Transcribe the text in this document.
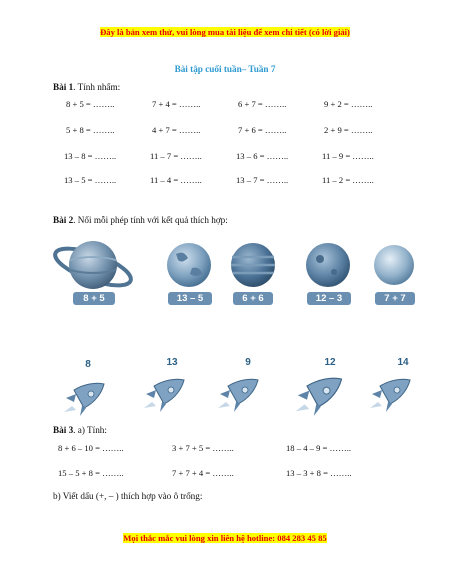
Đây là bản xem thử, vui lòng mua tài liệu để xem chi tiết (có lời giải)
Bài tập cuối tuần– Tuần 7
Bài 1. Tính nhẩm:
8 + 5 = ……..	7 + 4 = ……..	6 + 7 = ……..	9 + 2 = ……..
5 + 8 = ……..	4 + 7 = ……..	7 + 6 = ……..	2 + 9 = ……..
13 – 8 = ……..	11 – 7 = ……..	13 – 6 = ……..	11 – 9 = ……..
13 – 5 = ……..	11 – 4 = ……..	13 – 7 = ……..	11 – 2 = ……..
Bài 2. Nối mỗi phép tính với kết quả thích hợp:
8 + 5	13 – 5	6 + 6	12 – 3	7 + 7
8	13	9	12	14
Bài 3. a) Tính:
8 + 6 – 10 = ……..	3 + 7 + 5 = ……..	18 – 4 – 9 = ……..
15 – 5 + 8 = ……..	7 + 7 + 4 = ……..	13 – 3 + 8 = ……..
b) Viết dấu (+, – ) thích hợp vào ô trống:
Mọi thắc mắc vui lòng xin liên hệ hotline: 084 283 45 85
